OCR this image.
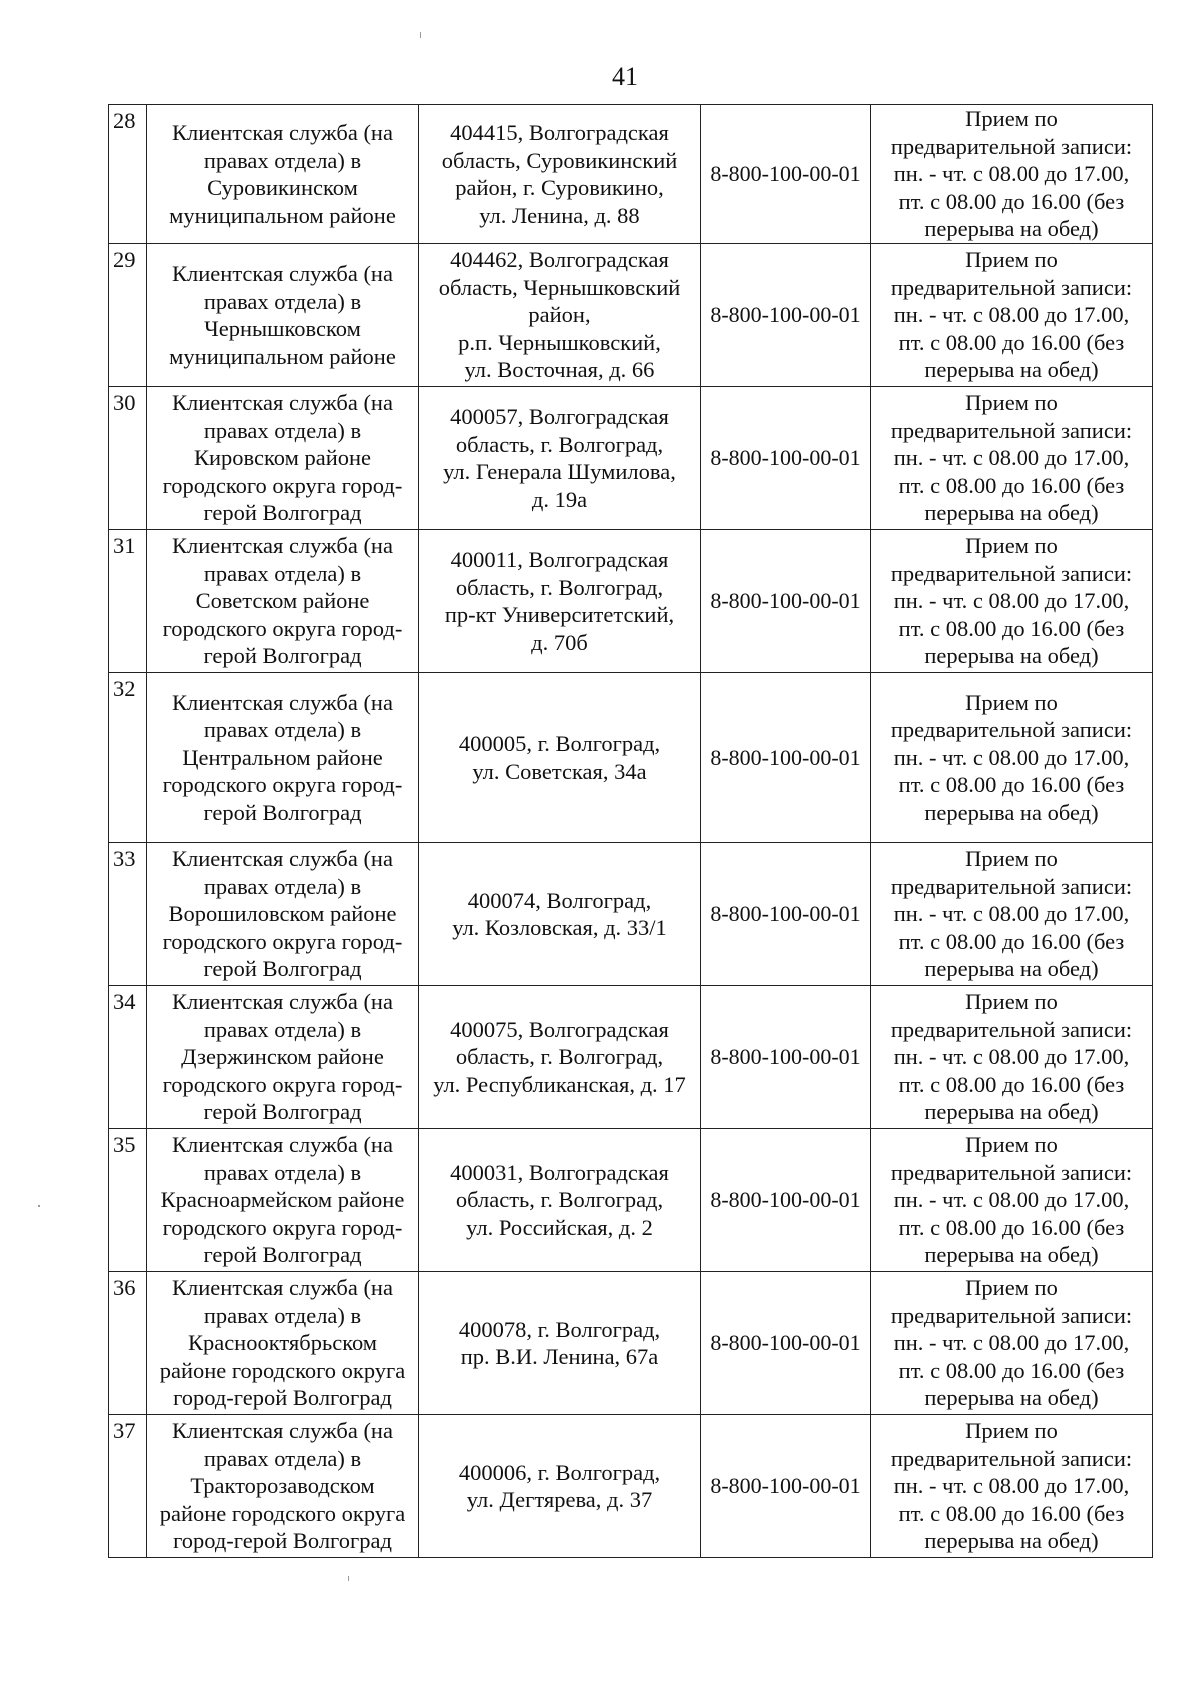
41
28	Клиентская служба (на
правах отдела) в
Суровикинском
муниципальном районе	404415, Волгоградская
область, Суровикинский
район, г. Суровикино,
ул. Ленина, д. 88	8-800-100-00-01	Прием по
предварительной записи:
пн. - чт. с 08.00 до 17.00,
пт. с 08.00 до 16.00 (без
перерыва на обед)

29	Клиентская служба (на
правах отдела) в
Чернышковском
муниципальном районе	404462, Волгоградская
область, Чернышковский
район,
р.п. Чернышковский,
ул. Восточная, д. 66	8-800-100-00-01	Прием по
предварительной записи:
пн. - чт. с 08.00 до 17.00,
пт. с 08.00 до 16.00 (без
перерыва на обед)

30	Клиентская служба (на
правах отдела) в
Кировском районе
городского округа город-
герой Волгоград	400057, Волгоградская
область, г. Волгоград,
ул. Генерала Шумилова,
д. 19а	8-800-100-00-01	Прием по
предварительной записи:
пн. - чт. с 08.00 до 17.00,
пт. с 08.00 до 16.00 (без
перерыва на обед)

31	Клиентская служба (на
правах отдела) в
Советском районе
городского округа город-
герой Волгоград	400011, Волгоградская
область, г. Волгоград,
пр-кт Университетский,
д. 70б	8-800-100-00-01	Прием по
предварительной записи:
пн. - чт. с 08.00 до 17.00,
пт. с 08.00 до 16.00 (без
перерыва на обед)

32	Клиентская служба (на
правах отдела) в
Центральном районе
городского округа город-
герой Волгоград	400005, г. Волгоград,
ул. Советская, 34а	8-800-100-00-01	Прием по
предварительной записи:
пн. - чт. с 08.00 до 17.00,
пт. с 08.00 до 16.00 (без
перерыва на обед)

33	Клиентская служба (на
правах отдела) в
Ворошиловском районе
городского округа город-
герой Волгоград	400074, Волгоград,
ул. Козловская, д. 33/1	8-800-100-00-01	Прием по
предварительной записи:
пн. - чт. с 08.00 до 17.00,
пт. с 08.00 до 16.00 (без
перерыва на обед)

34	Клиентская служба (на
правах отдела) в
Дзержинском районе
городского округа город-
герой Волгоград	400075, Волгоградская
область, г. Волгоград,
ул. Республиканская, д. 17	8-800-100-00-01	Прием по
предварительной записи:
пн. - чт. с 08.00 до 17.00,
пт. с 08.00 до 16.00 (без
перерыва на обед)

35	Клиентская служба (на
правах отдела) в
Красноармейском районе
городского округа город-
герой Волгоград	400031, Волгоградская
область, г. Волгоград,
ул. Российская, д. 2	8-800-100-00-01	Прием по
предварительной записи:
пн. - чт. с 08.00 до 17.00,
пт. с 08.00 до 16.00 (без
перерыва на обед)

36	Клиентская служба (на
правах отдела) в
Краснооктябрьском
районе городского округа
город-герой Волгоград	400078, г. Волгоград,
пр. В.И. Ленина, 67а	8-800-100-00-01	Прием по
предварительной записи:
пн. - чт. с 08.00 до 17.00,
пт. с 08.00 до 16.00 (без
перерыва на обед)

37	Клиентская служба (на
правах отдела) в
Тракторозаводском
районе городского округа
город-герой Волгоград	400006, г. Волгоград,
ул. Дегтярева, д. 37	8-800-100-00-01	Прием по
предварительной записи:
пн. - чт. с 08.00 до 17.00,
пт. с 08.00 до 16.00 (без
перерыва на обед)
